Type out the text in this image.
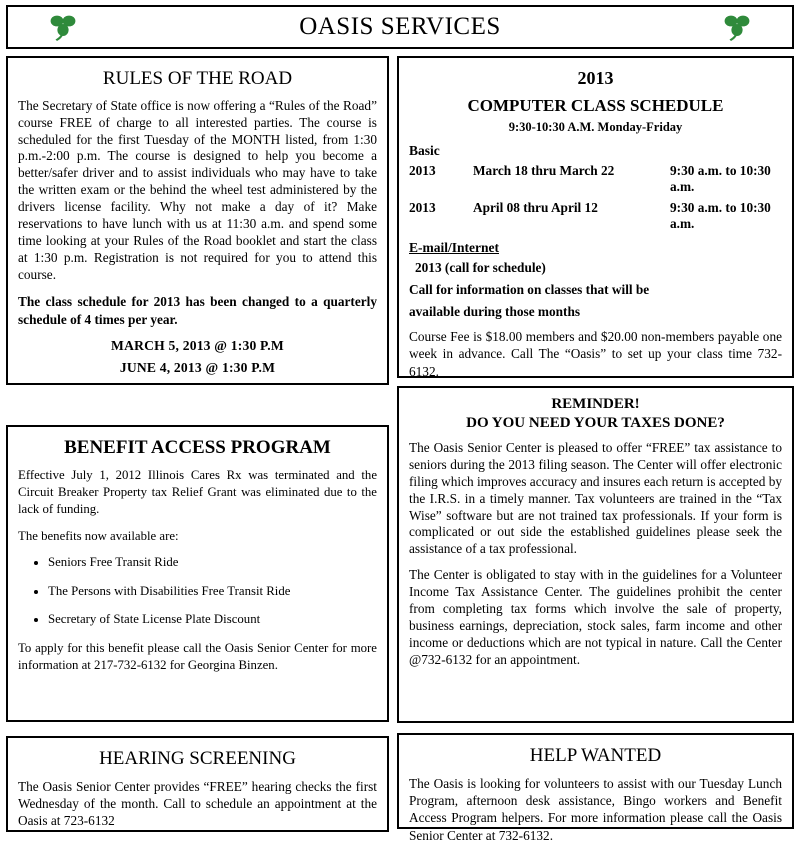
OASIS SERVICES
RULES OF THE ROAD

The Secretary of State office is now offering a “Rules of the Road” course FREE of charge to all interested parties. The course is scheduled for the first Tuesday of the MONTH listed, from 1:30 p.m.-2:00 p.m. The course is designed to help you become a better/safer driver and to assist individuals who may have to take the written exam or the behind the wheel test administered by the drivers license facility. Why not make a day of it? Make reservations to have lunch with us at 11:30 a.m. and spend some time looking at your Rules of the Road booklet and start the class at 1:30 p.m. Registration is not required for you to attend this course.

The class schedule for 2013 has been changed to a quarterly schedule of 4 times per year.

MARCH 5, 2013 @ 1:30 P.M
JUNE 4, 2013 @ 1:30 P.M
BENEFIT ACCESS PROGRAM

Effective July 1, 2012 Illinois Cares Rx was terminated and the Circuit Breaker Property tax Relief Grant was eliminated due to the lack of funding.

The benefits now available are:

• Seniors Free Transit Ride
• The Persons with Disabilities Free Transit Ride
• Secretary of State License Plate Discount

To apply for this benefit please call the Oasis Senior Center for more information at 217-732-6132 for Georgina Binzen.

HEARING SCREENING

The Oasis Senior Center provides “FREE” hearing checks the first Wednesday of the month. Call to schedule an appointment at the Oasis at 723-6132

2013
COMPUTER CLASS SCHEDULE
9:30-10:30 A.M. Monday-Friday
Basic
2013	March 18 thru March 22	9:30 a.m. to 10:30 a.m.
2013	April 08 thru April 12	9:30 a.m. to 10:30 a.m.
E-mail/Internet
2013 (call for schedule)
Call for information on classes that will be
available during those months

Course Fee is $18.00 members and $20.00 non-members payable one week in advance. Call The “Oasis” to set up your class time 732-6132.

REMINDER!
DO YOU NEED YOUR TAXES DONE?

The Oasis Senior Center is pleased to offer “FREE” tax assistance to seniors during the 2013 filing season. The Center will offer electronic filing which improves accuracy and insures each return is accepted by the I.R.S. in a timely manner. Tax volunteers are trained in the “Tax Wise” software but are not trained tax professionals. If your form is complicated or out side the established guidelines please seek the assistance of a tax professional.

The Center is obligated to stay with in the guidelines for a Volunteer Income Tax Assistance Center. The guidelines prohibit the center from completing tax forms which involve the sale of property, business earnings, depreciation, stock sales, farm income and other income or deductions which are not typical in nature. Call the Center @732-6132 for an appointment.

HELP WANTED

The Oasis is looking for volunteers to assist with our Tuesday Lunch Program, afternoon desk assistance, Bingo workers and Benefit Access Program helpers. For more information please call the Oasis Senior Center at 732-6132.
